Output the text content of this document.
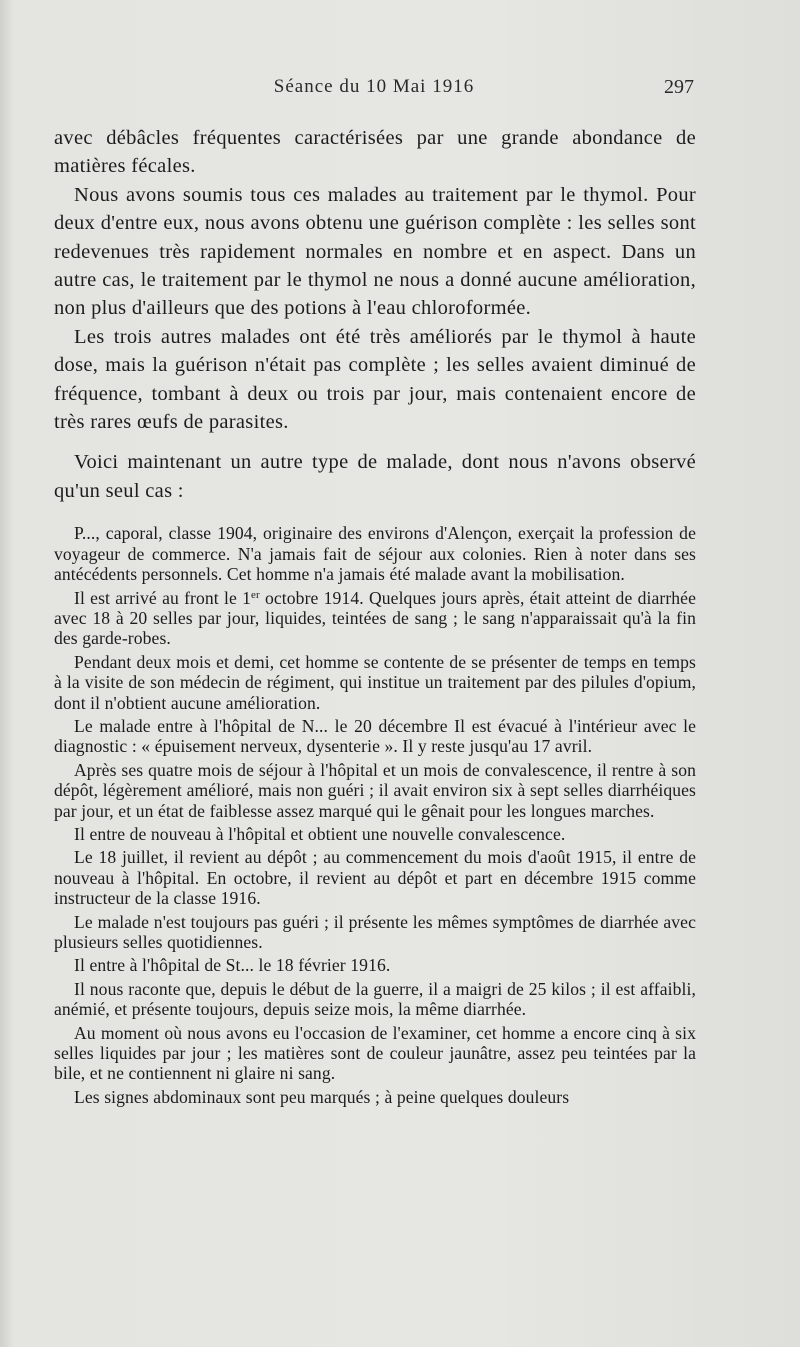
Séance du 10 Mai 1916	297

avec débâcles fréquentes caractérisées par une grande abondance de matières fécales.

Nous avons soumis tous ces malades au traitement par le thymol. Pour deux d'entre eux, nous avons obtenu une guérison complète : les selles sont redevenues très rapidement normales en nombre et en aspect. Dans un autre cas, le traitement par le thymol ne nous a donné aucune amélioration, non plus d'ailleurs que des potions à l'eau chloroformée.

Les trois autres malades ont été très améliorés par le thymol à haute dose, mais la guérison n'était pas complète ; les selles avaient diminué de fréquence, tombant à deux ou trois par jour, mais contenaient encore de très rares œufs de parasites.

Voici maintenant un autre type de malade, dont nous n'avons observé qu'un seul cas :

P..., caporal, classe 1904, originaire des environs d'Alençon, exerçait la profession de voyageur de commerce. N'a jamais fait de séjour aux colonies. Rien à noter dans ses antécédents personnels. Cet homme n'a jamais été malade avant la mobilisation.

Il est arrivé au front le 1er octobre 1914. Quelques jours après, était atteint de diarrhée avec 18 à 20 selles par jour, liquides, teintées de sang ; le sang n'apparaissait qu'à la fin des garde-robes.

Pendant deux mois et demi, cet homme se contente de se présenter de temps en temps à la visite de son médecin de régiment, qui institue un traitement par des pilules d'opium, dont il n'obtient aucune amélioration.

Le malade entre à l'hôpital de N... le 20 décembre Il est évacué à l'intérieur avec le diagnostic : « épuisement nerveux, dysenterie ». Il y reste jusqu'au 17 avril.

Après ses quatre mois de séjour à l'hôpital et un mois de convalescence, il rentre à son dépôt, légèrement amélioré, mais non guéri ; il avait environ six à sept selles diarrhéiques par jour, et un état de faiblesse assez marqué qui le gênait pour les longues marches.

Il entre de nouveau à l'hôpital et obtient une nouvelle convalescence.

Le 18 juillet, il revient au dépôt ; au commencement du mois d'août 1915, il entre de nouveau à l'hôpital. En octobre, il revient au dépôt et part en décembre 1915 comme instructeur de la classe 1916.

Le malade n'est toujours pas guéri ; il présente les mêmes symptômes de diarrhée avec plusieurs selles quotidiennes.

Il entre à l'hôpital de St... le 18 février 1916.

Il nous raconte que, depuis le début de la guerre, il a maigri de 25 kilos ; il est affaibli, anémié, et présente toujours, depuis seize mois, la même diarrhée.

Au moment où nous avons eu l'occasion de l'examiner, cet homme a encore cinq à six selles liquides par jour ; les matières sont de couleur jaunâtre, assez peu teintées par la bile, et ne contiennent ni glaire ni sang.

Les signes abdominaux sont peu marqués ; à peine quelques douleurs
